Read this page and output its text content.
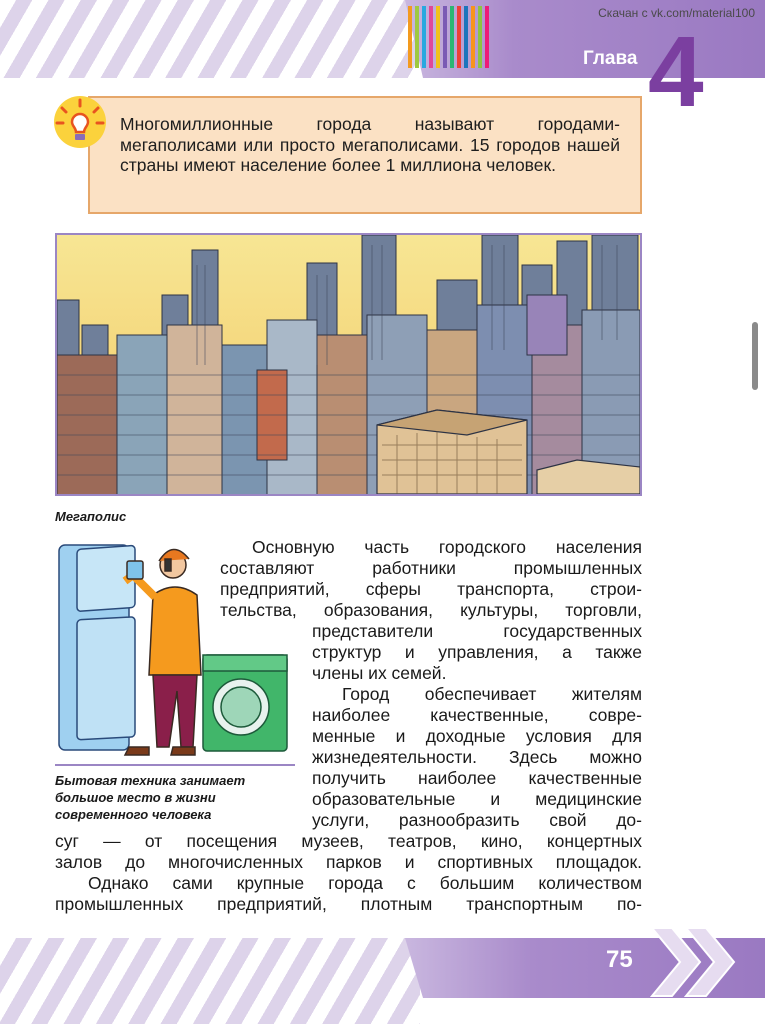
Скачан с vk.com/material100
Глава 4

Многомиллионные города называют городами-мегаполисами или просто мегаполисами. 15 городов нашей страны имеют население более 1 миллиона человек.

Мегаполис
Бытовая техника занимает большое место в жизни современного человека
Основную часть городского населения
составляют работники промышленных
предприятий, сферы транспорта, строи-
тельства, образования, культуры, торговли,
представители государственных
структур и управления, а также
члены их семей.
Город обеспечивает жителям
наиболее качественные, совре-
менные и доходные условия для
жизнедеятельности. Здесь можно
получить наиболее качественные
образовательные и медицинские
услуги, разнообразить свой до-
суг — от посещения музеев, театров, кино, концертных
залов до многочисленных парков и спортивных площадок.
Однако сами крупные города с большим количеством
промышленных предприятий, плотным транспортным по-
75
